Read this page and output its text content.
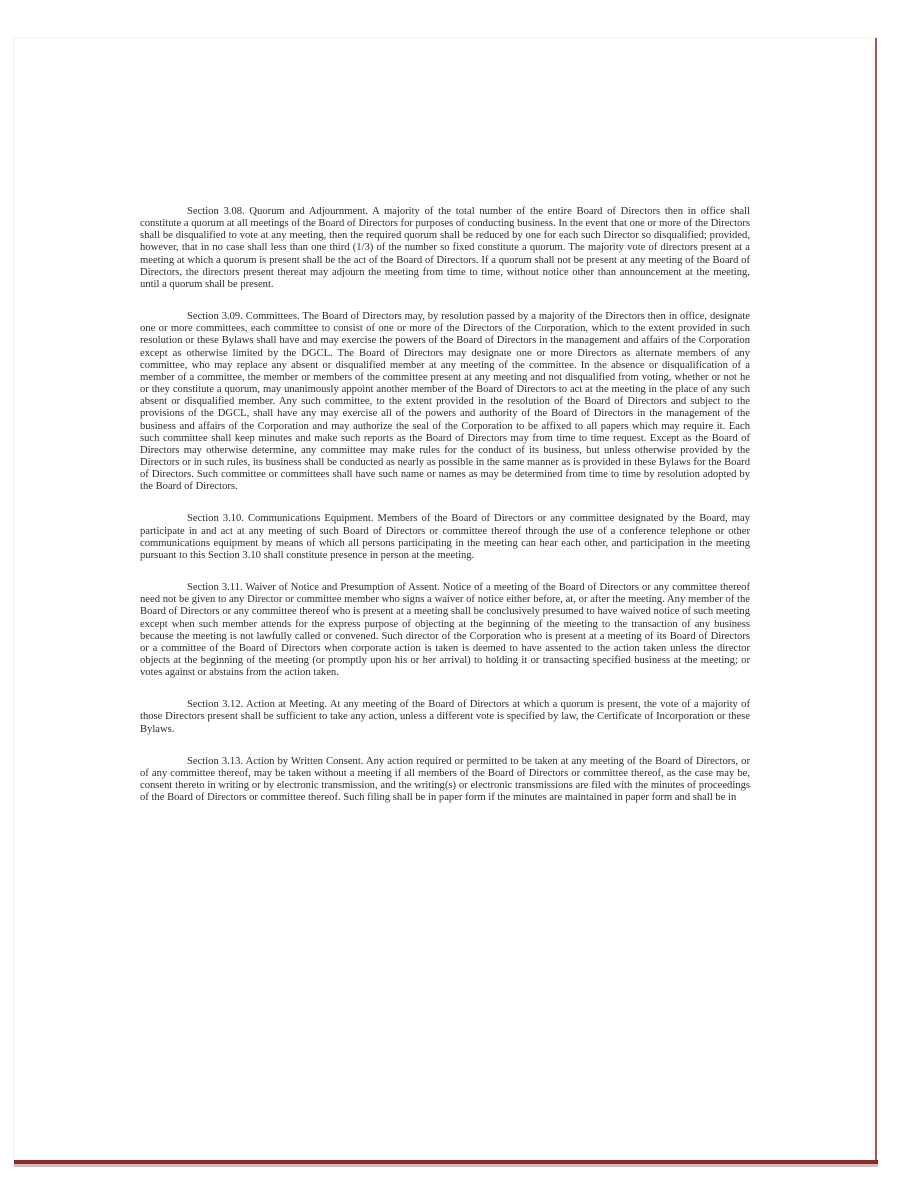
Section 3.08. Quorum and Adjournment. A majority of the total number of the entire Board of Directors then in office shall constitute a quorum at all meetings of the Board of Directors for purposes of conducting business. In the event that one or more of the Directors shall be disqualified to vote at any meeting, then the required quorum shall be reduced by one for each such Director so disqualified; provided, however, that in no case shall less than one third (1/3) of the number so fixed constitute a quorum. The majority vote of directors present at a meeting at which a quorum is present shall be the act of the Board of Directors. If a quorum shall not be present at any meeting of the Board of Directors, the directors present thereat may adjourn the meeting from time to time, without notice other than announcement at the meeting, until a quorum shall be present.

Section 3.09. Committees. The Board of Directors may, by resolution passed by a majority of the Directors then in office, designate one or more committees, each committee to consist of one or more of the Directors of the Corporation, which to the extent provided in such resolution or these Bylaws shall have and may exercise the powers of the Board of Directors in the management and affairs of the Corporation except as otherwise limited by the DGCL. The Board of Directors may designate one or more Directors as alternate members of any committee, who may replace any absent or disqualified member at any meeting of the committee. In the absence or disqualification of a member of a committee, the member or members of the committee present at any meeting and not disqualified from voting, whether or not he or they constitute a quorum, may unanimously appoint another member of the Board of Directors to act at the meeting in the place of any such absent or disqualified member. Any such committee, to the extent provided in the resolution of the Board of Directors and subject to the provisions of the DGCL, shall have any may exercise all of the powers and authority of the Board of Directors in the management of the business and affairs of the Corporation and may authorize the seal of the Corporation to be affixed to all papers which may require it. Each such committee shall keep minutes and make such reports as the Board of Directors may from time to time request. Except as the Board of Directors may otherwise determine, any committee may make rules for the conduct of its business, but unless otherwise provided by the Directors or in such rules, its business shall be conducted as nearly as possible in the same manner as is provided in these Bylaws for the Board of Directors. Such committee or committees shall have such name or names as may be determined from time to time by resolution adopted by the Board of Directors.

Section 3.10. Communications Equipment. Members of the Board of Directors or any committee designated by the Board, may participate in and act at any meeting of such Board of Directors or committee thereof through the use of a conference telephone or other communications equipment by means of which all persons participating in the meeting can hear each other, and participation in the meeting pursuant to this Section 3.10 shall constitute presence in person at the meeting.

Section 3.11. Waiver of Notice and Presumption of Assent. Notice of a meeting of the Board of Directors or any committee thereof need not be given to any Director or committee member who signs a waiver of notice either before, at, or after the meeting. Any member of the Board of Directors or any committee thereof who is present at a meeting shall be conclusively presumed to have waived notice of such meeting except when such member attends for the express purpose of objecting at the beginning of the meeting to the transaction of any business because the meeting is not lawfully called or convened. Such director of the Corporation who is present at a meeting of its Board of Directors or a committee of the Board of Directors when corporate action is taken is deemed to have assented to the action taken unless the director objects at the beginning of the meeting (or promptly upon his or her arrival) to holding it or transacting specified business at the meeting; or votes against or abstains from the action taken.

Section 3.12. Action at Meeting. At any meeting of the Board of Directors at which a quorum is present, the vote of a majority of those Directors present shall be sufficient to take any action, unless a different vote is specified by law, the Certificate of Incorporation or these Bylaws.

Section 3.13. Action by Written Consent. Any action required or permitted to be taken at any meeting of the Board of Directors, or of any committee thereof, may be taken without a meeting if all members of the Board of Directors or committee thereof, as the case may be, consent thereto in writing or by electronic transmission, and the writing(s) or electronic transmissions are filed with the minutes of proceedings of the Board of Directors or committee thereof. Such filing shall be in paper form if the minutes are maintained in paper form and shall be in
